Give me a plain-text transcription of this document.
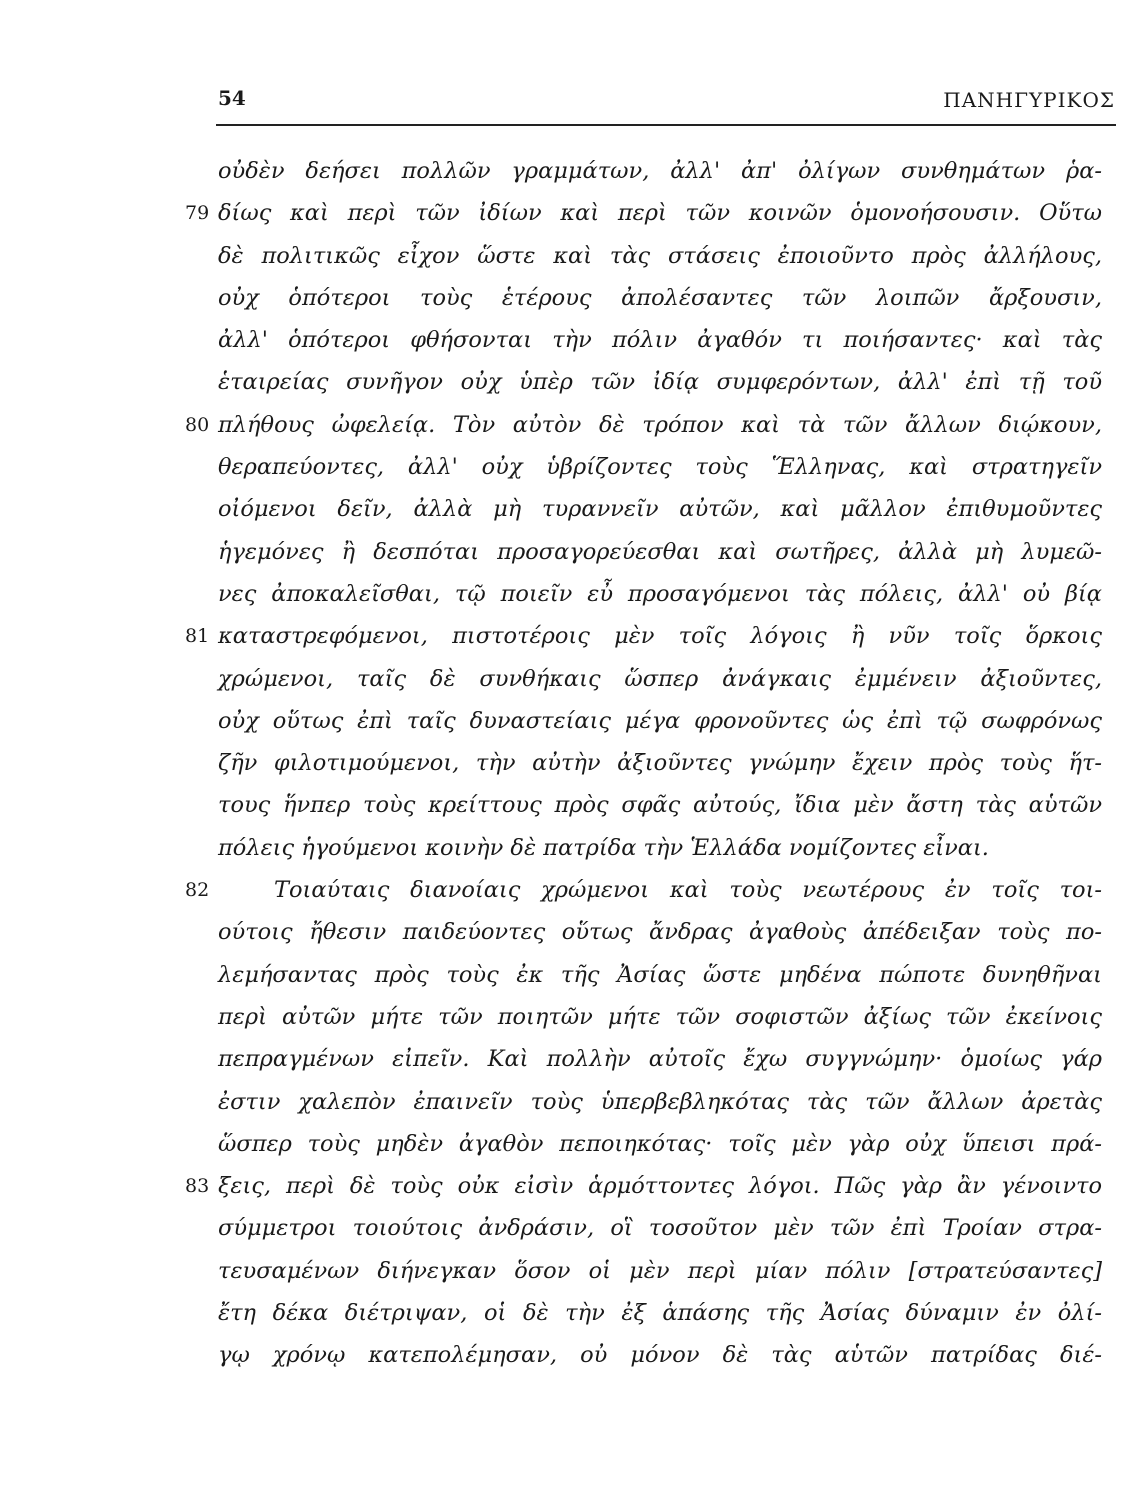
54	ΠΑΝΗΓΥΡΙΚΟΣ
οὐδὲν δεήσει πολλῶν γραμμάτων, ἀλλ' ἀπ' ὀλίγων συνθημάτων ῥα-
79 δίως καὶ περὶ τῶν ἰδίων καὶ περὶ τῶν κοινῶν ὁμονοήσουσιν. Οὕτω
δὲ πολιτικῶς εἶχον ὥστε καὶ τὰς στάσεις ἐποιοῦντο πρὸς ἀλλήλους,
οὐχ ὁπότεροι τοὺς ἑτέρους ἀπολέσαντες τῶν λοιπῶν ἄρξουσιν,
ἀλλ' ὁπότεροι φθήσονται τὴν πόλιν ἀγαθόν τι ποιήσαντες· καὶ τὰς
ἑταιρείας συνῆγον οὐχ ὑπὲρ τῶν ἰδίᾳ συμφερόντων, ἀλλ' ἐπὶ τῇ τοῦ
80 πλήθους ὠφελείᾳ. Τὸν αὐτὸν δὲ τρόπον καὶ τὰ τῶν ἄλλων διῴκουν,
θεραπεύοντες, ἀλλ' οὐχ ὑβρίζοντες τοὺς Ἕλληνας, καὶ στρατηγεῖν
οἰόμενοι δεῖν, ἀλλὰ μὴ τυραννεῖν αὐτῶν, καὶ μᾶλλον ἐπιθυμοῦντες
ἡγεμόνες ἢ δεσπόται προσαγορεύεσθαι καὶ σωτῆρες, ἀλλὰ μὴ λυμεῶ-
νες ἀποκαλεῖσθαι, τῷ ποιεῖν εὖ προσαγόμενοι τὰς πόλεις, ἀλλ' οὐ βίᾳ
81 καταστρεφόμενοι, πιστοτέροις μὲν τοῖς λόγοις ἢ νῦν τοῖς ὅρκοις
χρώμενοι, ταῖς δὲ συνθήκαις ὥσπερ ἀνάγκαις ἐμμένειν ἀξιοῦντες,
οὐχ οὕτως ἐπὶ ταῖς δυναστείαις μέγα φρονοῦντες ὡς ἐπὶ τῷ σωφρόνως
ζῆν φιλοτιμούμενοι, τὴν αὐτὴν ἀξιοῦντες γνώμην ἔχειν πρὸς τοὺς ἥτ-
τους ἥνπερ τοὺς κρείττους πρὸς σφᾶς αὐτούς, ἴδια μὲν ἄστη τὰς αὑτῶν
πόλεις ἡγούμενοι κοινὴν δὲ πατρίδα τὴν Ἑλλάδα νομίζοντες εἶναι.
82	Τοιαύταις διανοίαις χρώμενοι καὶ τοὺς νεωτέρους ἐν τοῖς τοι-
ούτοις ἤθεσιν παιδεύοντες οὕτως ἄνδρας ἀγαθοὺς ἀπέδειξαν τοὺς πο-
λεμήσαντας πρὸς τοὺς ἐκ τῆς Ἀσίας ὥστε μηδένα πώποτε δυνηθῆναι
περὶ αὐτῶν μήτε τῶν ποιητῶν μήτε τῶν σοφιστῶν ἀξίως τῶν ἐκείνοις
πεπραγμένων εἰπεῖν. Καὶ πολλὴν αὐτοῖς ἔχω συγγνώμην· ὁμοίως γάρ
ἐστιν χαλεπὸν ἐπαινεῖν τοὺς ὑπερβεβληκότας τὰς τῶν ἄλλων ἀρετὰς
ὥσπερ τοὺς μηδὲν ἀγαθὸν πεποιηκότας· τοῖς μὲν γὰρ οὐχ ὕπεισι πρά-
83 ξεις, περὶ δὲ τοὺς οὐκ εἰσὶν ἁρμόττοντες λόγοι. Πῶς γὰρ ἂν γένοιντο
σύμμετροι τοιούτοις ἀνδράσιν, οἳ τοσοῦτον μὲν τῶν ἐπὶ Τροίαν στρα-
τευσαμένων διήνεγκαν ὅσον οἱ μὲν περὶ μίαν πόλιν [στρατεύσαντες]
ἔτη δέκα διέτριψαν, οἱ δὲ τὴν ἐξ ἁπάσης τῆς Ἀσίας δύναμιν ἐν ὀλί-
γῳ χρόνῳ κατεπολέμησαν, οὐ μόνον δὲ τὰς αὑτῶν πατρίδας διέ-
